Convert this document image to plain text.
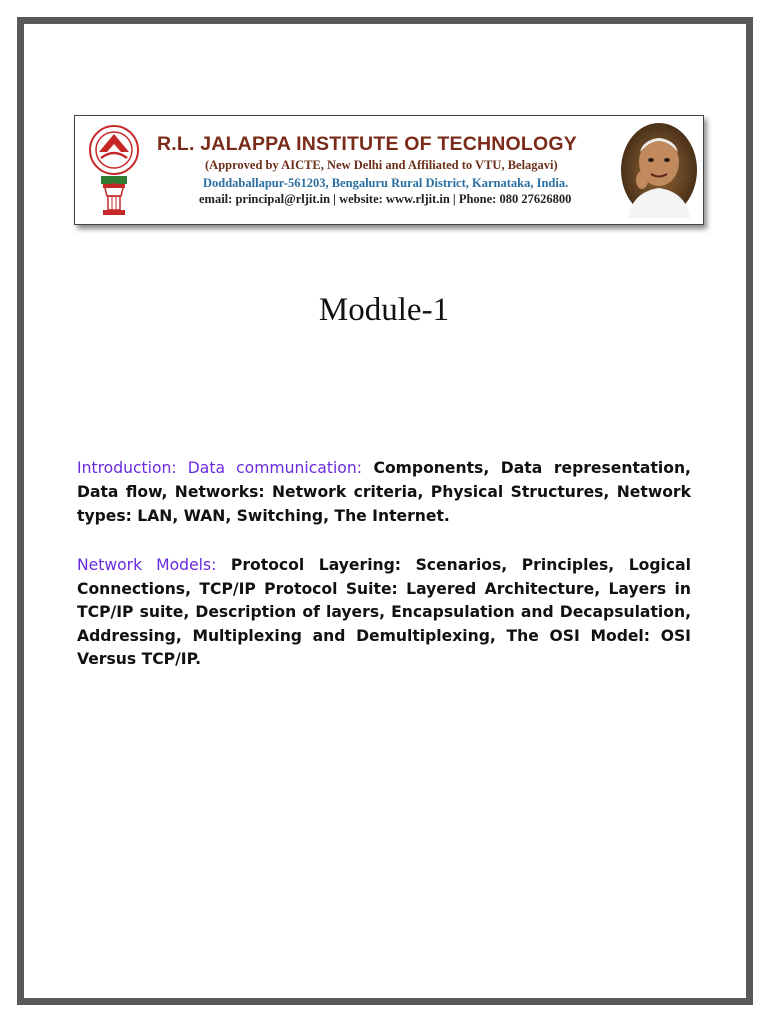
R.L. JALAPPA INSTITUTE OF TECHNOLOGY
(Approved by AICTE, New Delhi and Affiliated to VTU, Belagavi)
Doddaballapur-561203, Bengaluru Rural District, Karnataka, India.
email: principal@rljit.in | website: www.rljit.in | Phone: 080 27626800
Module-1
Introduction: Data communication: Components, Data representation, Data flow, Networks: Network criteria, Physical Structures, Network types: LAN, WAN, Switching, The Internet.
Network Models: Protocol Layering: Scenarios, Principles, Logical Connections, TCP/IP Protocol Suite: Layered Architecture, Layers in TCP/IP suite, Description of layers, Encapsulation and Decapsulation, Addressing, Multiplexing and Demultiplexing, The OSI Model: OSI Versus TCP/IP.
